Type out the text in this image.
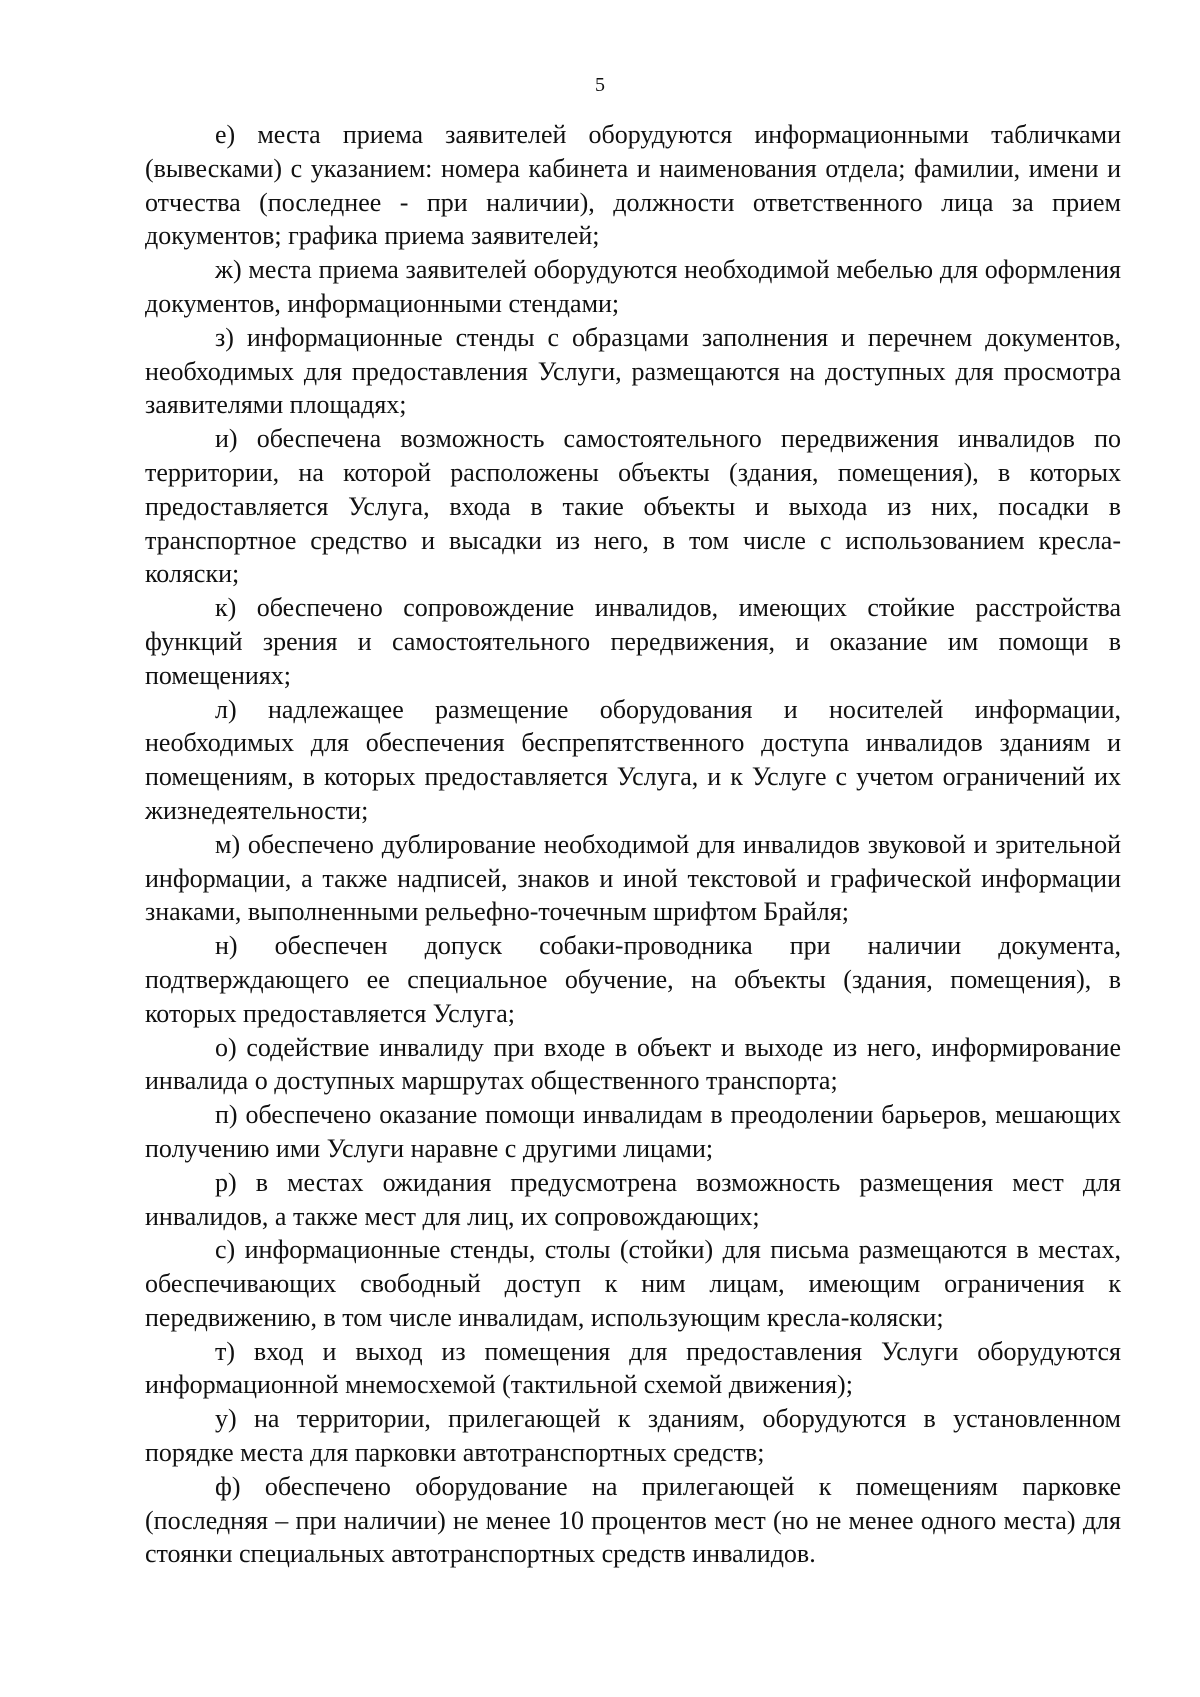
5

е) места приема заявителей оборудуются информационными табличками (вывесками) с указанием: номера кабинета и наименования отдела; фамилии, имени и отчества (последнее - при наличии), должности ответственного лица за прием документов; графика приема заявителей;

ж) места приема заявителей оборудуются необходимой мебелью для оформления документов, информационными стендами;

з) информационные стенды с образцами заполнения и перечнем документов, необходимых для предоставления Услуги, размещаются на доступных для просмотра заявителями площадях;

и) обеспечена возможность самостоятельного передвижения инвалидов по территории, на которой расположены объекты (здания, помещения), в которых предоставляется Услуга, входа в такие объекты и выхода из них, посадки в транспортное средство и высадки из него, в том числе с использованием кресла-коляски;

к) обеспечено сопровождение инвалидов, имеющих стойкие расстройства функций зрения и самостоятельного передвижения, и оказание им помощи в помещениях;

л) надлежащее размещение оборудования и носителей информации, необходимых для обеспечения беспрепятственного доступа инвалидов зданиям и помещениям, в которых предоставляется Услуга, и к Услуге с учетом ограничений их жизнедеятельности;

м) обеспечено дублирование необходимой для инвалидов звуковой и зрительной информации, а также надписей, знаков и иной текстовой и графической информации знаками, выполненными рельефно-точечным шрифтом Брайля;

н) обеспечен допуск собаки-проводника при наличии документа, подтверждающего ее специальное обучение, на объекты (здания, помещения), в которых предоставляется Услуга;

о) содействие инвалиду при входе в объект и выходе из него, информирование инвалида о доступных маршрутах общественного транспорта;

п) обеспечено оказание помощи инвалидам в преодолении барьеров, мешающих получению ими Услуги наравне с другими лицами;

р) в местах ожидания предусмотрена возможность размещения мест для инвалидов, а также мест для лиц, их сопровождающих;

с) информационные стенды, столы (стойки) для письма размещаются в местах, обеспечивающих свободный доступ к ним лицам, имеющим ограничения к передвижению, в том числе инвалидам, использующим кресла-коляски;

т) вход и выход из помещения для предоставления Услуги оборудуются информационной мнемосхемой (тактильной схемой движения);

у) на территории, прилегающей к зданиям, оборудуются в установленном порядке места для парковки автотранспортных средств;

ф) обеспечено оборудование на прилегающей к помещениям парковке (последняя – при наличии) не менее 10 процентов мест (но не менее одного места) для стоянки специальных автотранспортных средств инвалидов.
